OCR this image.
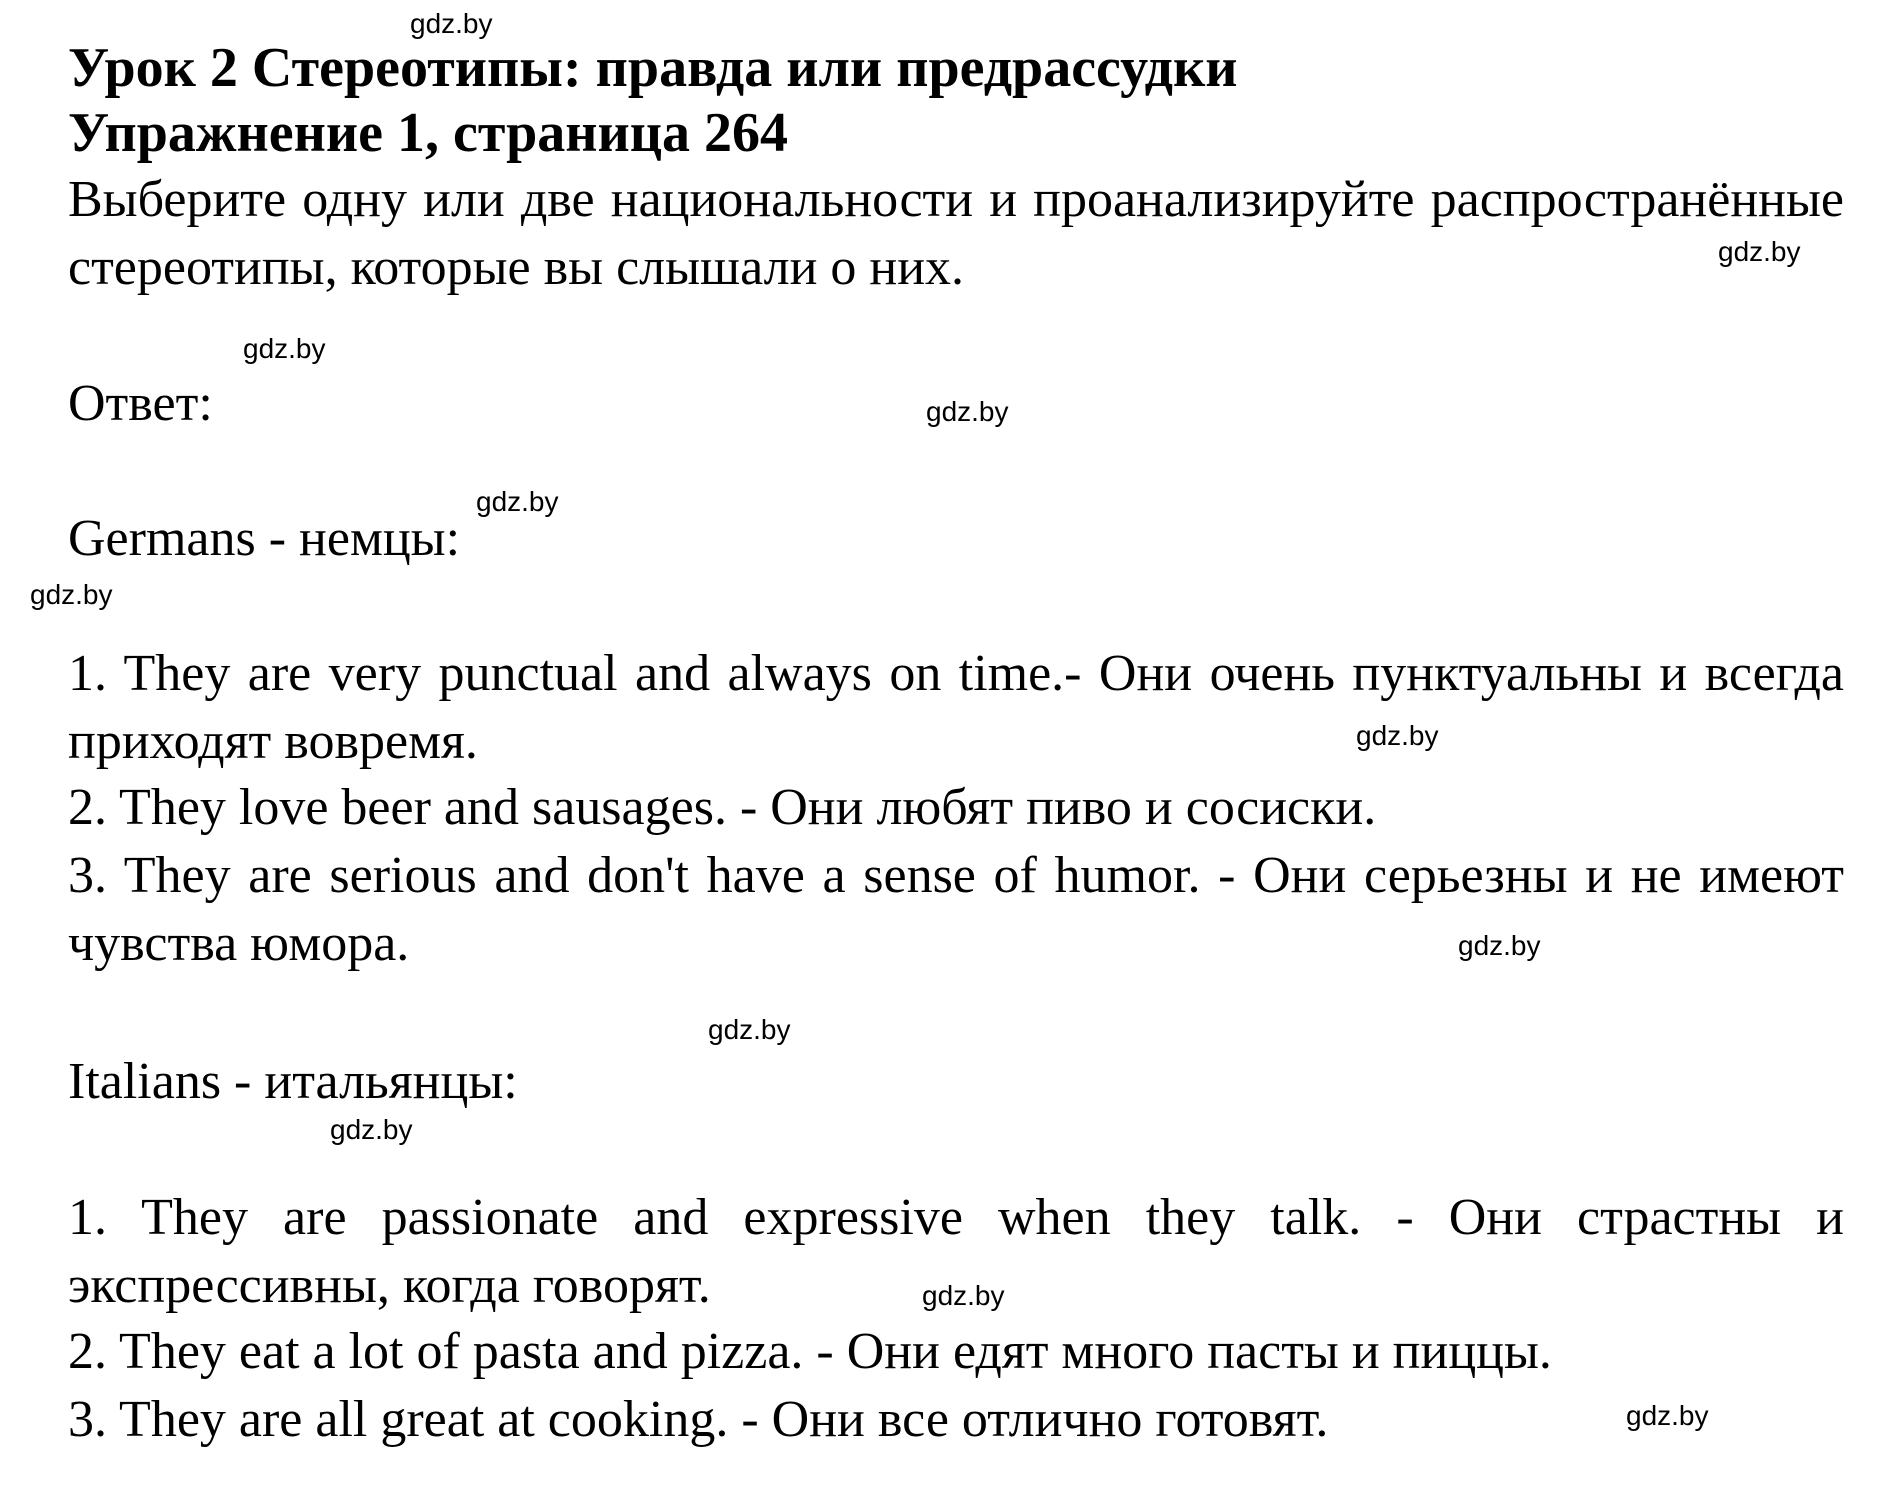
Урок 2 Стереотипы: правда или предрассудки
Упражнение 1, страница 264

Выберите одну или две национальности и проанализируйте распространённые стереотипы, которые вы слышали о них.

Ответ:
Germans - немцы:

1. They are very punctual and always on time.- Они очень пунктуальны и всегда приходят вовремя.

2. They love beer and sausages. - Они любят пиво и сосиски.

3. They are serious and don't have a sense of humor. - Они серьезны и не имеют чувства юмора.

Italians - итальянцы:

1. They are passionate and expressive when they talk. - Они страстны и экспрессивны, когда говорят.

2. They eat a lot of pasta and pizza. - Они едят много пасты и пиццы.
3. They are all great at cooking. - Они все отлично готовят.
gdz.by
gdz.by
gdz.by
gdz.by
gdz.by
gdz.by
gdz.by
gdz.by
gdz.by
gdz.by
gdz.by
gdz.by
